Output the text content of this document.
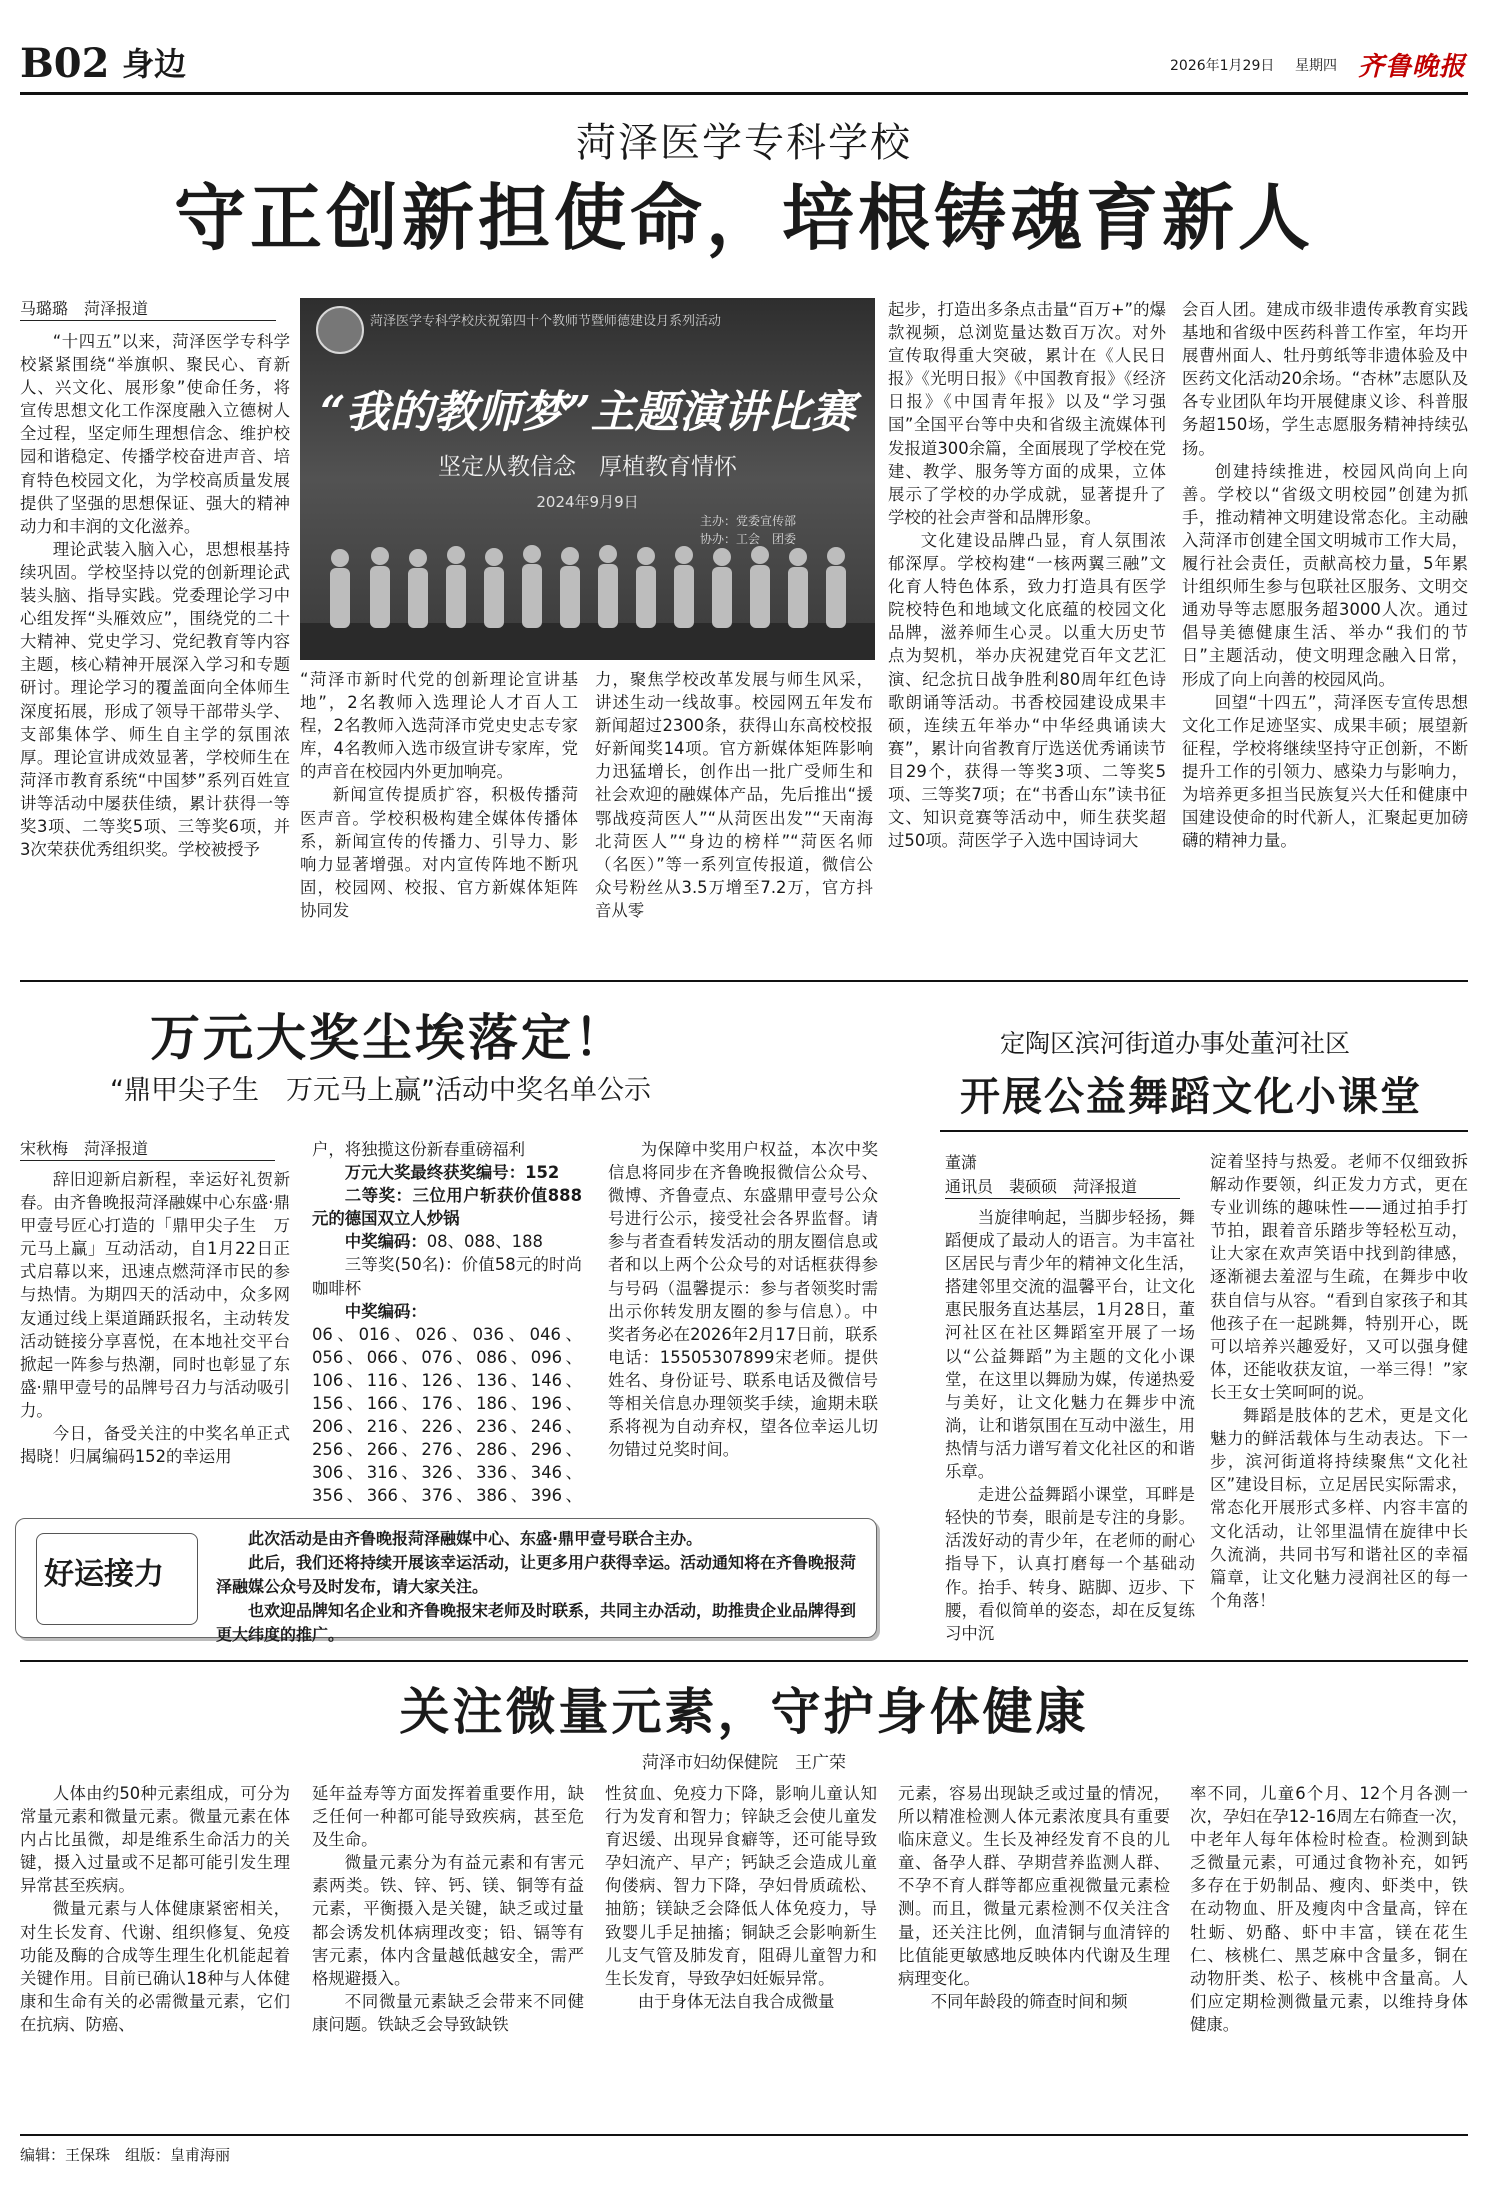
B02 身边	2026年1月29日 星期四 齐鲁晚报
菏泽医学专科学校
守正创新担使命，培根铸魂育新人
马璐璐　菏泽报道

“十四五”以来，菏泽医学专科学校紧紧围绕“举旗帜、聚民心、育新人、兴文化、展形象”使命任务，将宣传思想文化工作深度融入立德树人全过程，坚定师生理想信念、维护校园和谐稳定、传播学校奋进声音、培育特色校园文化，为学校高质量发展提供了坚强的思想保证、强大的精神动力和丰润的文化滋养。

理论武装入脑入心，思想根基持续巩固。学校坚持以党的创新理论武装头脑、指导实践。党委理论学习中心组发挥“头雁效应”，围绕党的二十大精神、党史学习、党纪教育等内容主题，核心精神开展深入学习和专题研讨。理论学习的覆盖面向全体师生深度拓展，形成了领导干部带头学、支部集体学、师生自主学的氛围浓厚。理论宣讲成效显著，学校师生在菏泽市教育系统“中国梦”系列百姓宣讲等活动中屡获佳绩，累计获得一等奖3项、二等奖5项、三等奖6项，并3次荣获优秀组织奖。学校被授予

菏泽医学专科学校庆祝第四十个教师节暨师德建设月系列活动
“我的教师梦”主题演讲比赛
坚定从教信念　厚植教育情怀
2024年9月9日
主办：党委宣传部
协办：工会　团委

“菏泽市新时代党的创新理论宣讲基地”，2名教师入选理论人才百人工程，2名教师入选菏泽市党史史志专家库，4名教师入选市级宣讲专家库，党的声音在校园内外更加响亮。

新闻宣传提质扩容，积极传播菏医声音。学校积极构建全媒体传播体系，新闻宣传的传播力、引导力、影响力显著增强。对内宣传阵地不断巩固，校园网、校报、官方新媒体矩阵协同发

力，聚焦学校改革发展与师生风采，讲述生动一线故事。校园网五年发布新闻超过2300条，获得山东高校校报好新闻奖14项。官方新媒体矩阵影响力迅猛增长，创作出一批广受师生和社会欢迎的融媒体产品，先后推出“援鄂战疫菏医人”“从菏医出发”“天南海北菏医人”“身边的榜样”“菏医名师（名医）”等一系列宣传报道，微信公众号粉丝从3.5万增至7.2万，官方抖音从零

起步，打造出多条点击量“百万+”的爆款视频，总浏览量达数百万次。对外宣传取得重大突破，累计在《人民日报》《光明日报》《中国教育报》《经济日报》《中国青年报》以及“学习强国”全国平台等中央和省级主流媒体刊发报道300余篇，全面展现了学校在党建、教学、服务等方面的成果，立体展示了学校的办学成就，显著提升了学校的社会声誉和品牌形象。

文化建设品牌凸显，育人氛围浓郁深厚。学校构建“一核两翼三融”文化育人特色体系，致力打造具有医学院校特色和地域文化底蕴的校园文化品牌，滋养师生心灵。以重大历史节点为契机，举办庆祝建党百年文艺汇演、纪念抗日战争胜利80周年红色诗歌朗诵等活动。书香校园建设成果丰硕，连续五年举办“中华经典诵读大赛”，累计向省教育厅选送优秀诵读节目29个，获得一等奖3项、二等奖5项、三等奖7项；在“书香山东”读书征文、知识竞赛等活动中，师生获奖超过50项。菏医学子入选中国诗词大

会百人团。建成市级非遗传承教育实践基地和省级中医药科普工作室，年均开展曹州面人、牡丹剪纸等非遗体验及中医药文化活动20余场。“杏林”志愿队及各专业团队年均开展健康义诊、科普服务超150场，学生志愿服务精神持续弘扬。

创建持续推进，校园风尚向上向善。学校以“省级文明校园”创建为抓手，推动精神文明建设常态化。主动融入菏泽市创建全国文明城市工作大局，履行社会责任，贡献高校力量，5年累计组织师生参与包联社区服务、文明交通劝导等志愿服务超3000人次。通过倡导美德健康生活、举办“我们的节日”主题活动，使文明理念融入日常，形成了向上向善的校园风尚。

回望“十四五”，菏泽医专宣传思想文化工作足迹坚实、成果丰硕；展望新征程，学校将继续坚持守正创新，不断提升工作的引领力、感染力与影响力，为培养更多担当民族复兴大任和健康中国建设使命的时代新人，汇聚起更加磅礴的精神力量。

万元大奖尘埃落定！
“鼎甲尖子生　万元马上赢”活动中奖名单公示
宋秋梅　菏泽报道

辞旧迎新启新程，幸运好礼贺新春。由齐鲁晚报菏泽融媒中心东盛·鼎甲壹号匠心打造的「鼎甲尖子生　万元马上赢」互动活动，自1月22日正式启幕以来，迅速点燃菏泽市民的参与热情。为期四天的活动中，众多网友通过线上渠道踊跃报名，主动转发活动链接分享喜悦，在本地社交平台掀起一阵参与热潮，同时也彰显了东盛·鼎甲壹号的品牌号召力与活动吸引力。

今日，备受关注的中奖名单正式揭晓！归属编码152的幸运用

户，将独揽这份新春重磅福利

万元大奖最终获奖编号：152

二等奖：三位用户斩获价值888元的德国双立人炒锅

中奖编码：08、088、188

三等奖(50名)：价值58元的时尚咖啡杯

中奖编码：

06、016、026、036、046、056、066、076、086、096、106、116、126、136、146、156、166、176、186、196、206、216、226、236、246、256、266、276、286、296、306、316、326、336、346、356、366、376、386、396、

为保障中奖用户权益，本次中奖信息将同步在齐鲁晚报微信公众号、微博、齐鲁壹点、东盛鼎甲壹号公众号进行公示，接受社会各界监督。请参与者查看转发活动的朋友圈信息或者和以上两个公众号的对话框获得参与号码（温馨提示：参与者领奖时需出示你转发朋友圈的参与信息）。中奖者务必在2026年2月17日前，联系电话：15505307899宋老师。提供姓名、身份证号、联系电话及微信号等相关信息办理领奖手续，逾期未联系将视为自动弃权，望各位幸运儿切勿错过兑奖时间。

好运接力

此次活动是由齐鲁晚报菏泽融媒中心、东盛·鼎甲壹号联合主办。

此后，我们还将持续开展该幸运活动，让更多用户获得幸运。活动通知将在齐鲁晚报菏泽融媒公众号及时发布，请大家关注。

也欢迎品牌知名企业和齐鲁晚报宋老师及时联系，共同主办活动，助推贵企业品牌得到更大纬度的推广。

定陶区滨河街道办事处董河社区
开展公益舞蹈文化小课堂
董潇
通讯员　裴硕硕　菏泽报道

当旋律响起，当脚步轻扬，舞蹈便成了最动人的语言。为丰富社区居民与青少年的精神文化生活，搭建邻里交流的温馨平台，让文化惠民服务直达基层，1月28日，董河社区在社区舞蹈室开展了一场以“公益舞蹈”为主题的文化小课堂，在这里以舞励为媒，传递热爱与美好，让文化魅力在舞步中流淌，让和谐氛围在互动中滋生，用热情与活力谱写着文化社区的和谐乐章。

走进公益舞蹈小课堂，耳畔是轻快的节奏，眼前是专注的身影。活泼好动的青少年，在老师的耐心指导下，认真打磨每一个基础动作。抬手、转身、踮脚、迈步、下腰，看似简单的姿态，却在反复练习中沉

淀着坚持与热爱。老师不仅细致拆解动作要领，纠正发力方式，更在专业训练的趣味性——通过拍手打节拍，跟着音乐踏步等轻松互动，让大家在欢声笑语中找到韵律感，逐渐褪去羞涩与生疏，在舞步中收获自信与从容。“看到自家孩子和其他孩子在一起跳舞，特别开心，既可以培养兴趣爱好，又可以强身健体，还能收获友谊，一举三得！”家长王女士笑呵呵的说。

舞蹈是肢体的艺术，更是文化魅力的鲜活载体与生动表达。下一步，滨河街道将持续聚焦“文化社区”建设目标，立足居民实际需求，常态化开展形式多样、内容丰富的文化活动，让邻里温情在旋律中长久流淌，共同书写和谐社区的幸福篇章，让文化魅力浸润社区的每一个角落！

关注微量元素，守护身体健康
菏泽市妇幼保健院　王广荣

人体由约50种元素组成，可分为常量元素和微量元素。微量元素在体内占比虽微，却是维系生命活力的关键，摄入过量或不足都可能引发生理异常甚至疾病。

微量元素与人体健康紧密相关，对生长发育、代谢、组织修复、免疫功能及酶的合成等生理生化机能起着关键作用。目前已确认18种与人体健康和生命有关的必需微量元素，它们在抗病、防癌、

延年益寿等方面发挥着重要作用，缺乏任何一种都可能导致疾病，甚至危及生命。

微量元素分为有益元素和有害元素两类。铁、锌、钙、镁、铜等有益元素，平衡摄入是关键，缺乏或过量都会诱发机体病理改变；铅、镉等有害元素，体内含量越低越安全，需严格规避摄入。

不同微量元素缺乏会带来不同健康问题。铁缺乏会导致缺铁

性贫血、免疫力下降，影响儿童认知行为发育和智力；锌缺乏会使儿童发育迟缓、出现异食癖等，还可能导致孕妇流产、早产；钙缺乏会造成儿童佝偻病、智力下降，孕妇骨质疏松、抽筋；镁缺乏会降低人体免疫力，导致婴儿手足抽搐；铜缺乏会影响新生儿支气管及肺发育，阻碍儿童智力和生长发育，导致孕妇妊娠异常。

由于身体无法自我合成微量

元素，容易出现缺乏或过量的情况，所以精准检测人体元素浓度具有重要临床意义。生长及神经发育不良的儿童、备孕人群、孕期营养监测人群、不孕不育人群等都应重视微量元素检测。而且，微量元素检测不仅关注含量，还关注比例，血清铜与血清锌的比值能更敏感地反映体内代谢及生理病理变化。

不同年龄段的筛查时间和频

率不同，儿童6个月、12个月各测一次，孕妇在孕12-16周左右筛查一次，中老年人每年体检时检查。检测到缺乏微量元素，可通过食物补充，如钙多存在于奶制品、瘦肉、虾类中，铁在动物血、肝及瘦肉中含量高，锌在牡蛎、奶酪、虾中丰富，镁在花生仁、核桃仁、黑芝麻中含量多，铜在动物肝类、松子、核桃中含量高。人们应定期检测微量元素，以维持身体健康。

编辑：王保珠　组版：皇甫海丽
